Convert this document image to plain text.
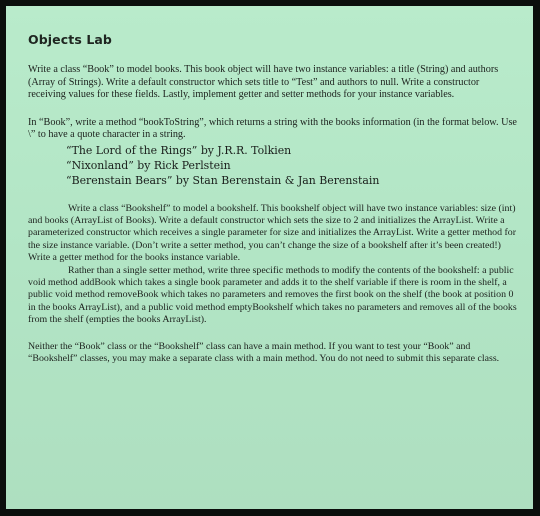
Objects Lab

Write a class “Book” to model books. This book object will have two instance variables: a title (String) and authors (Array of Strings). Write a default constructor which sets title to “Test” and authors to null. Write a constructor receiving values for these fields. Lastly, implement getter and setter methods for your instance variables.

In “Book”, write a method “bookToString”, which returns a string with the books information (in the format below. Use \” to have a quote character in a string.

“The Lord of the Rings” by J.R.R. Tolkien
“Nixonland” by Rick Perlstein
“Berenstain Bears” by Stan Berenstain & Jan Berenstain

Write a class “Bookshelf” to model a bookshelf. This bookshelf object will have two instance variables: size (int) and books (ArrayList of Books). Write a default constructor which sets the size to 2 and initializes the ArrayList. Write a parameterized constructor which receives a single parameter for size and initializes the ArrayList. Write a getter method for the size instance variable. (Don’t write a setter method, you can’t change the size of a bookshelf after it’s been created!) Write a getter method for the books instance variable.

Rather than a single setter method, write three specific methods to modify the contents of the bookshelf: a public void method addBook which takes a single book parameter and adds it to the shelf variable if there is room in the shelf, a public void method removeBook which takes no parameters and removes the first book on the shelf (the book at position 0 in the books ArrayList), and a public void method emptyBookshelf which takes no parameters and removes all of the books from the shelf (empties the books ArrayList).

Neither the “Book” class or the “Bookshelf” class can have a main method. If you want to test your “Book” and “Bookshelf” classes, you may make a separate class with a main method. You do not need to submit this separate class.
